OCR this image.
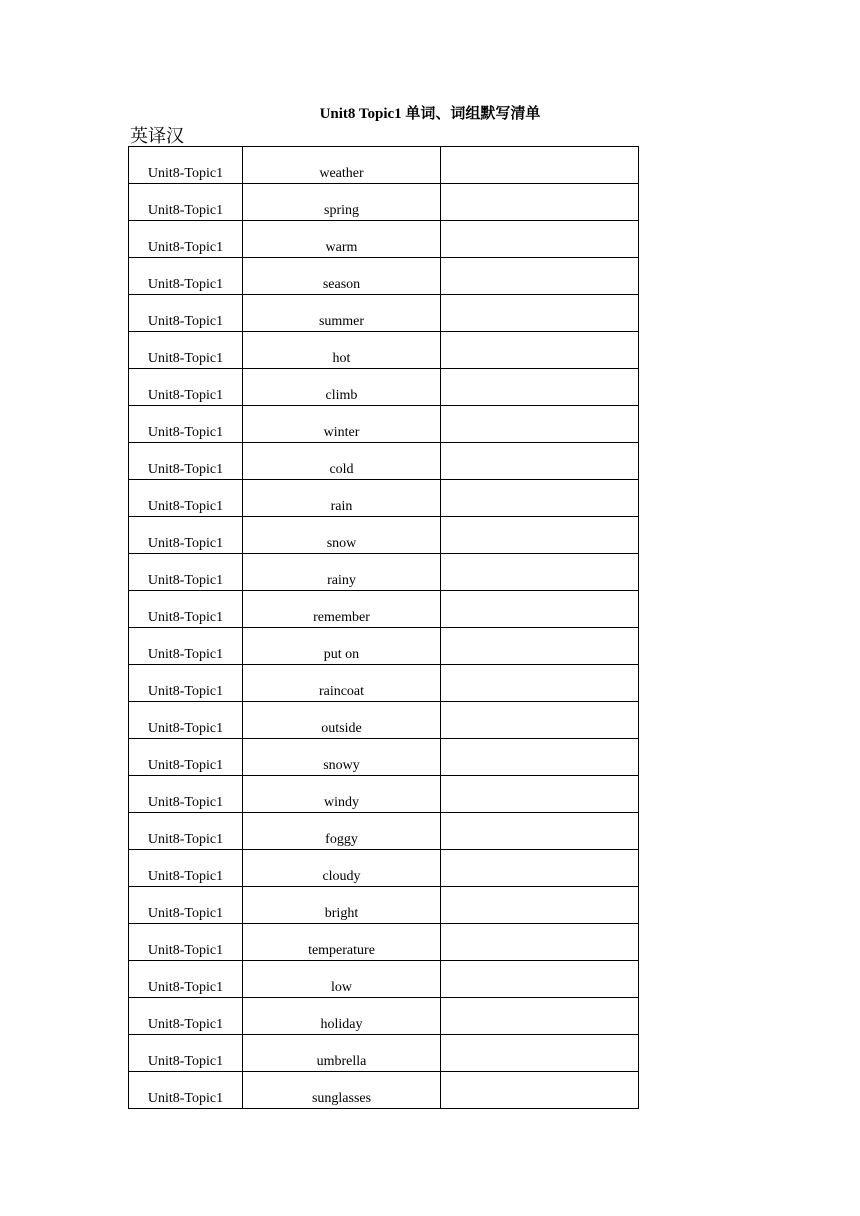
Unit8 Topic1 单词、词组默写清单
英译汉
Unit8-Topic1	weather	

Unit8-Topic1	spring	

Unit8-Topic1	warm	

Unit8-Topic1	season	

Unit8-Topic1	summer	

Unit8-Topic1	hot	

Unit8-Topic1	climb	

Unit8-Topic1	winter	

Unit8-Topic1	cold	

Unit8-Topic1	rain	

Unit8-Topic1	snow	

Unit8-Topic1	rainy	

Unit8-Topic1	remember	

Unit8-Topic1	put on	

Unit8-Topic1	raincoat	

Unit8-Topic1	outside	

Unit8-Topic1	snowy	

Unit8-Topic1	windy	

Unit8-Topic1	foggy	

Unit8-Topic1	cloudy	

Unit8-Topic1	bright	

Unit8-Topic1	temperature	

Unit8-Topic1	low	

Unit8-Topic1	holiday	

Unit8-Topic1	umbrella	

Unit8-Topic1	sunglasses	
